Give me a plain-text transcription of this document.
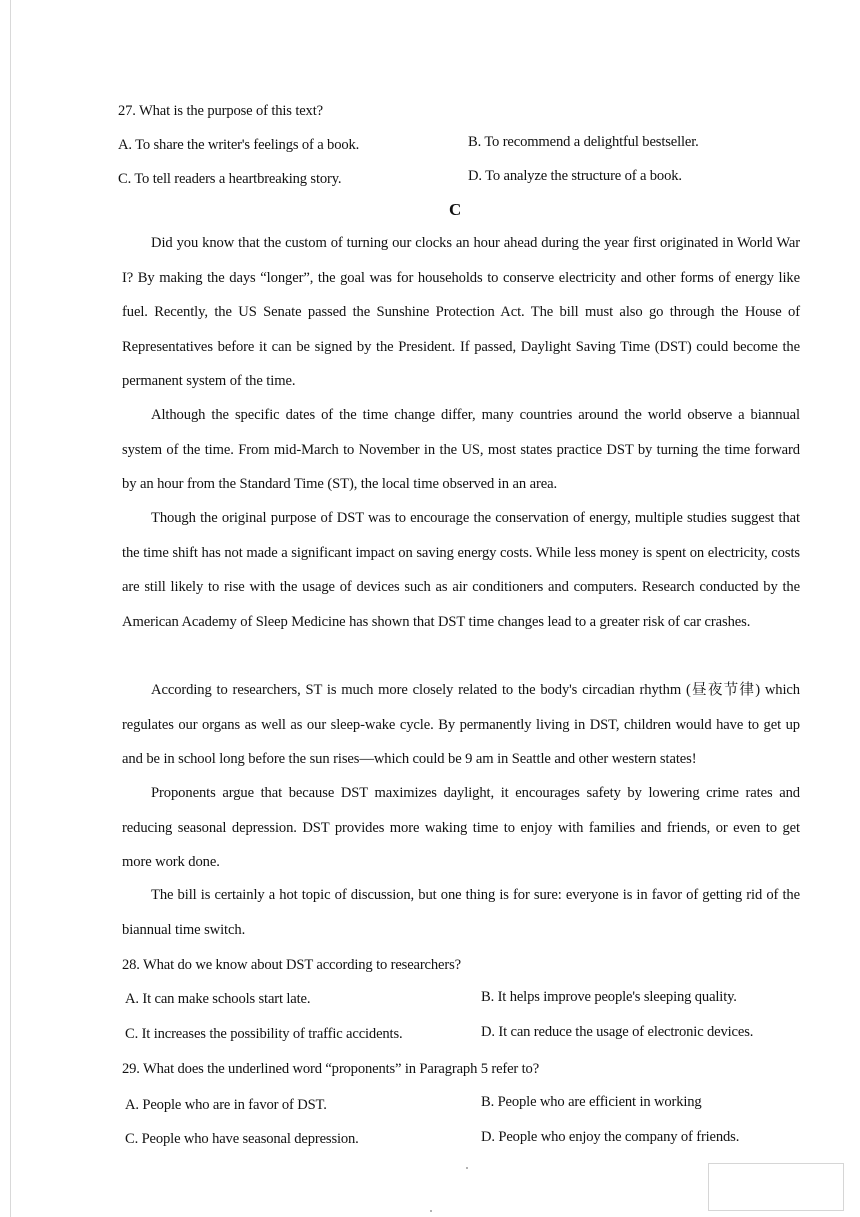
27. What is the purpose of this text?
A. To share the writer's feelings of a book.	B. To recommend a delightful bestseller.
C. To tell readers a heartbreaking story.	D. To analyze the structure of a book.
C
Did you know that the custom of turning our clocks an hour ahead during the year first originated in World War I? By making the days “longer”, the goal was for households to conserve electricity and other forms of energy like fuel. Recently, the US Senate passed the Sunshine Protection Act. The bill must also go through the House of Representatives before it can be signed by the President. If passed, Daylight Saving Time (DST) could become the permanent system of the time.
Although the specific dates of the time change differ, many countries around the world observe a biannual system of the time. From mid-March to November in the US, most states practice DST by turning the time forward by an hour from the Standard Time (ST), the local time observed in an area.
Though the original purpose of DST was to encourage the conservation of energy, multiple studies suggest that the time shift has not made a significant impact on saving energy costs. While less money is spent on electricity, costs are still likely to rise with the usage of devices such as air conditioners and computers. Research conducted by the American Academy of Sleep Medicine has shown that DST time changes lead to a greater risk of car crashes.
According to researchers, ST is much more closely related to the body's circadian rhythm (昼夜节律) which regulates our organs as well as our sleep-wake cycle. By permanently living in DST, children would have to get up and be in school long before the sun rises—which could be 9 am in Seattle and other western states!
Proponents argue that because DST maximizes daylight, it encourages safety by lowering crime rates and reducing seasonal depression. DST provides more waking time to enjoy with families and friends, or even to get more work done.
The bill is certainly a hot topic of discussion, but one thing is for sure: everyone is in favor of getting rid of the biannual time switch.
28. What do we know about DST according to researchers?
A. It can make schools start late.	B. It helps improve people's sleeping quality.
C. It increases the possibility of traffic accidents.	D. It can reduce the usage of electronic devices.
29. What does the underlined word “proponents” in Paragraph 5 refer to?
A. People who are in favor of DST.	B. People who are efficient in working
C. People who have seasonal depression.	D. People who enjoy the company of friends.
